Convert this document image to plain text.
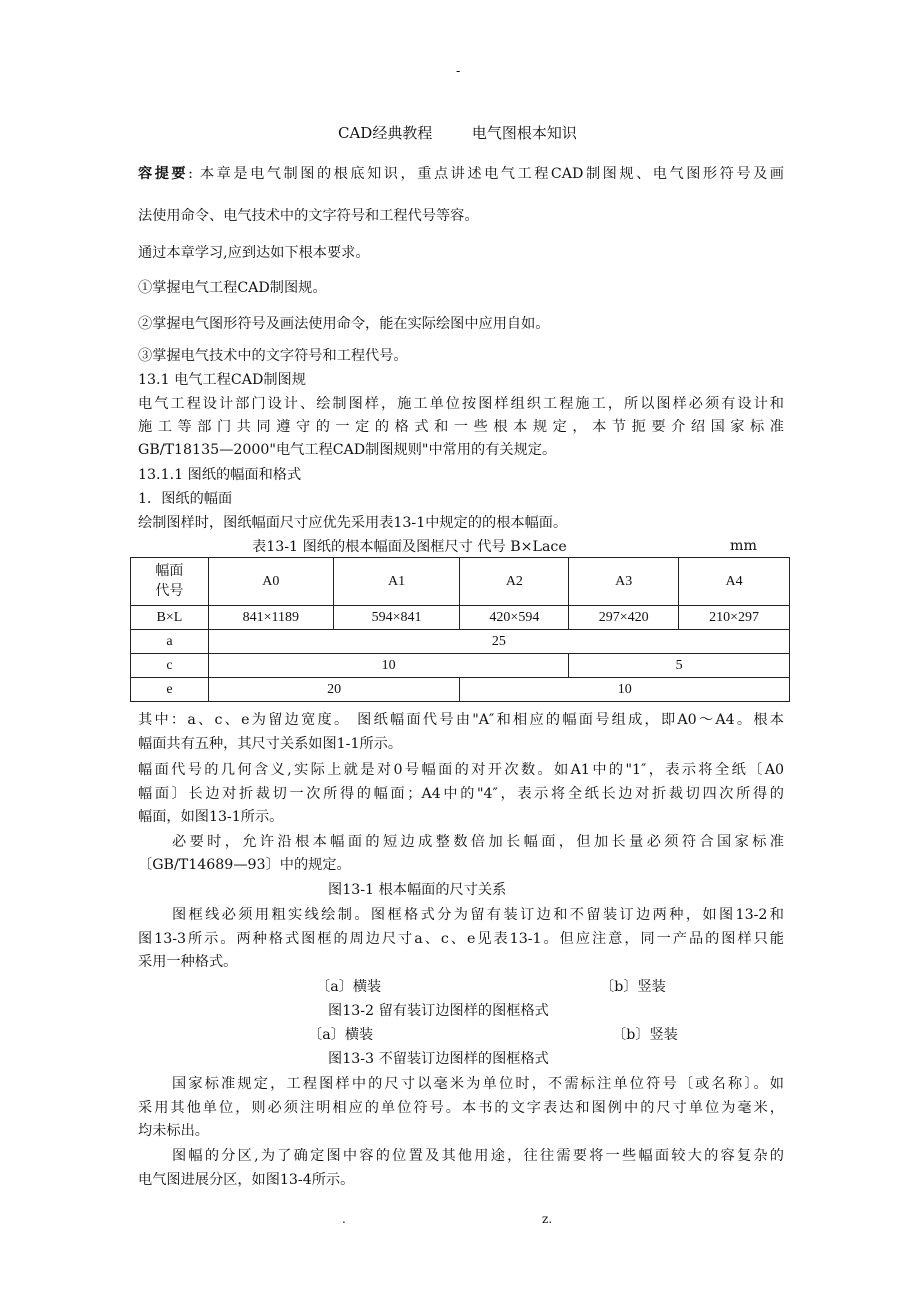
-
CAD经典教程	电气图根本知识
容提要: 本章是电气制图的根底知识，重点讲述电气工程CAD制图规、电气图形符号及画
法使用命令、电气技术中的文字符号和工程代号等容。
通过本章学习,应到达如下根本要求。
①掌握电气工程CAD制图规。
②掌握电气图形符号及画法使用命令，能在实际绘图中应用自如。
③掌握电气技术中的文字符号和工程代号。
13.1 电气工程CAD制图规
电气工程设计部门设计、绘制图样，施工单位按图样组织工程施工，所以图样必须有设计和
施工等部门共同遵守的一定的格式和一些根本规定，本节扼要介绍国家标准
GB/T18135—2000"电气工程CAD制图规则"中常用的有关规定。
13.1.1 图纸的幅面和格式
1．图纸的幅面
绘制图样时，图纸幅面尺寸应优先采用表13-1中规定的的根本幅面。
表13-1 图纸的根本幅面及图框尺寸 代号 B×Lace	mm
幅面
代号	A0	A1	A2	A3	A4
B×L	841×1189	594×841	420×594	297×420	210×297
a	25				
c	10			5	
e	20		10		
其中：a、c、e为留边宽度。 图纸幅面代号由"A″和相应的幅面号组成，即A0～A4。根本
幅面共有五种，其尺寸关系如图1-1所示。
幅面代号的几何含义,实际上就是对0号幅面的对开次数。如A1中的"1″，表示将全纸〔A0
幅面〕长边对折裁切一次所得的幅面；A4中的"4″，表示将全纸长边对折裁切四次所得的
幅面，如图13-1所示。
必要时，允许沿根本幅面的短边成整数倍加长幅面，但加长量必须符合国家标准
〔GB/T14689—93〕中的规定。
图13-1 根本幅面的尺寸关系
图框线必须用粗实线绘制。图框格式分为留有装订边和不留装订边两种，如图13-2和
图13-3所示。两种格式图框的周边尺寸a、c、e见表13-1。但应注意，同一产品的图样只能
采用一种格式。
〔a〕横装	〔b〕竖装
图13-2 留有装订边图样的图框格式
〔a〕横装	〔b〕竖装
图13-3 不留装订边图样的图框格式
国家标准规定，工程图样中的尺寸以毫米为单位时，不需标注单位符号〔或名称〕。如
采用其他单位，则必须注明相应的单位符号。本书的文字表达和图例中的尺寸单位为毫米，
均未标出。
图幅的分区,为了确定图中容的位置及其他用途，往往需要将一些幅面较大的容复杂的
电气图进展分区，如图13-4所示。
.	z.
